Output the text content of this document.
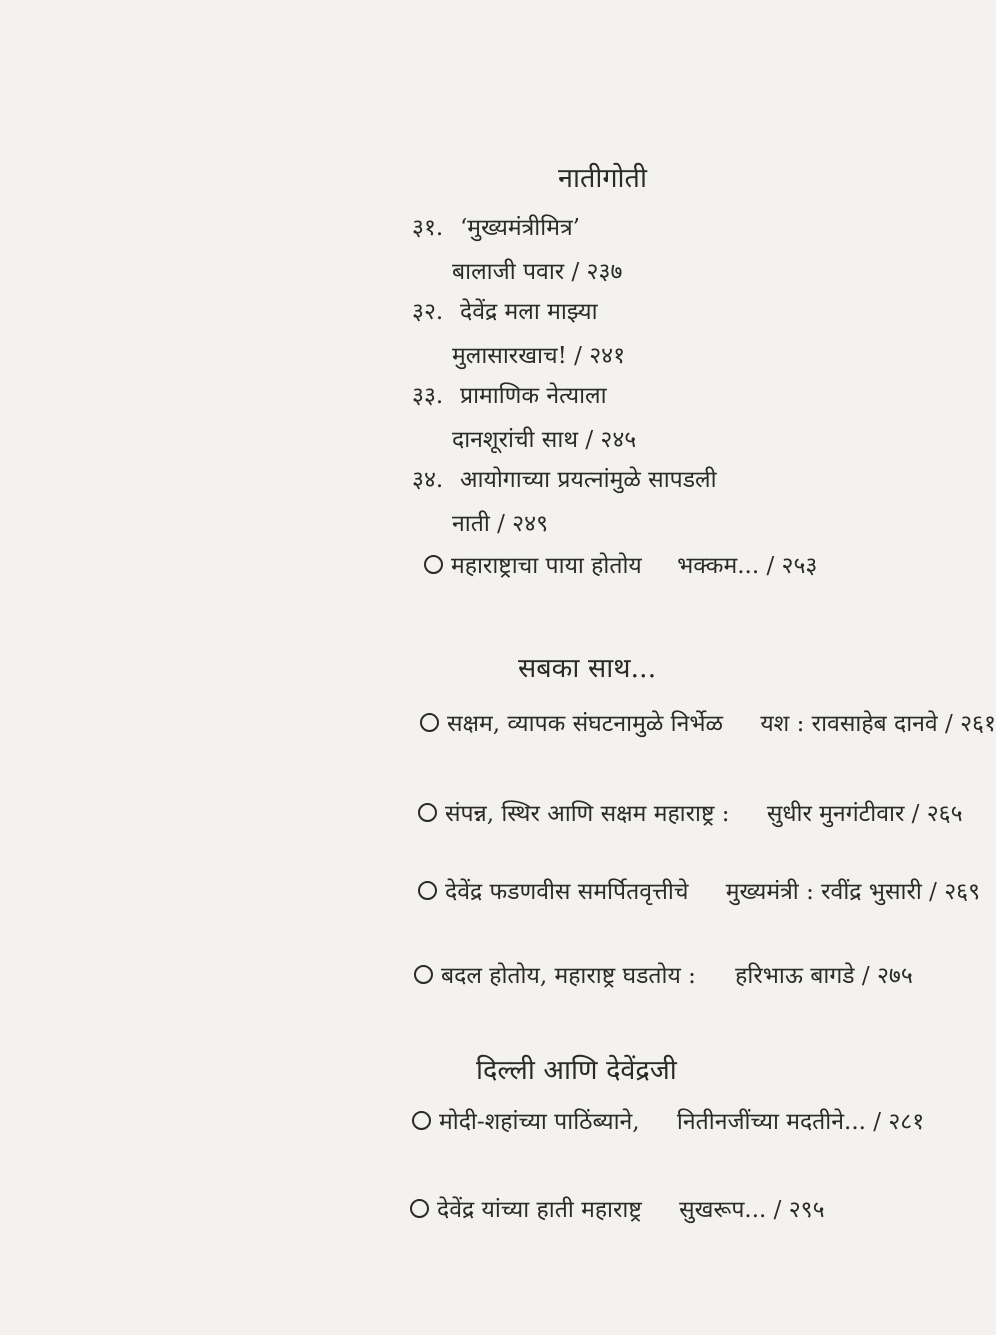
नातीगोती
३१. ‘मुख्यमंत्रीमित्र’
बालाजी पवार / २३७
३२. देवेंद्र मला माझ्या
मुलासारखाच! / २४१
३३. प्रामाणिक नेत्याला
दानशूरांची साथ / २४५
३४. आयोगाच्या प्रयत्नांमुळे सापडली
नाती / २४९
महाराष्ट्राचा पाया होतोय भक्कम... / २५३
सबका साथ...
सक्षम, व्यापक संघटनामुळे निर्भेळ यश : रावसाहेब दानवे / २६१
संपन्न, स्थिर आणि सक्षम महाराष्ट्र : सुधीर मुनगंटीवार / २६५
देवेंद्र फडणवीस समर्पितवृत्तीचे मुख्यमंत्री : रवींद्र भुसारी / २६९
बदल होतोय, महाराष्ट्र घडतोय : हरिभाऊ बागडे / २७५
दिल्ली आणि देवेंद्रजी
मोदी-शहांच्या पाठिंब्याने, नितीनजींच्या मदतीने... / २८१
देवेंद्र यांच्या हाती महाराष्ट्र सुखरूप... / २९५
